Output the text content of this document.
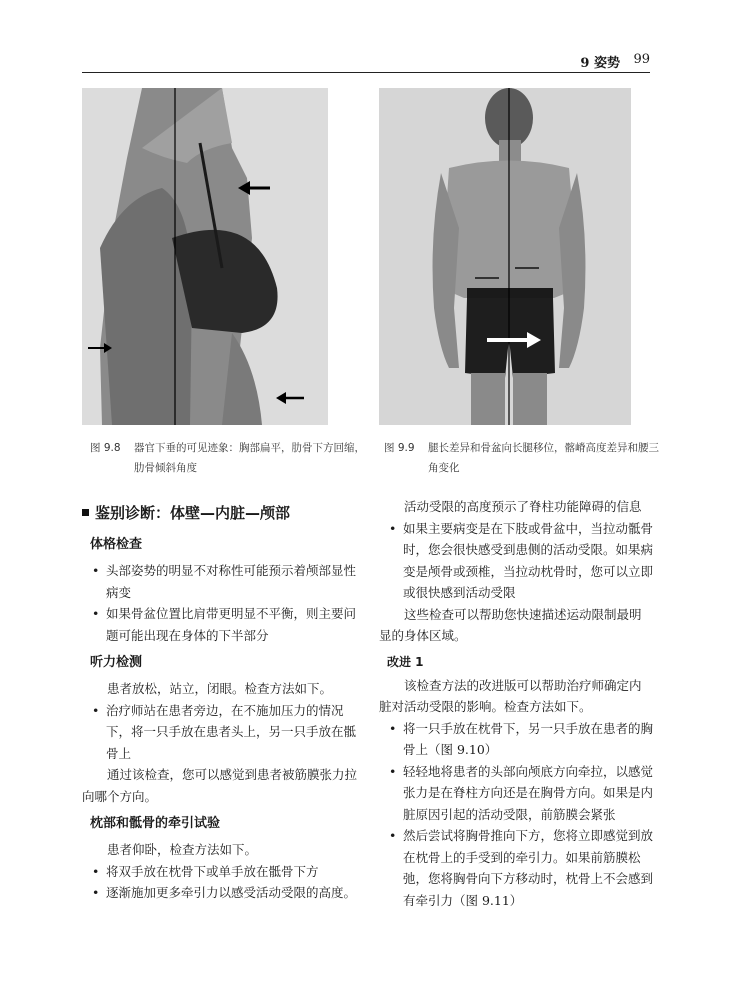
9 姿势 99
图 9.8 器官下垂的可见迹象：胸部扁平，肋骨下方回缩，肋骨倾斜角度
图 9.9 腿长差异和骨盆向长腿移位，髂嵴高度差异和腰三角变化
鉴别诊断：体壁—内脏—颅部
体格检查

• 头部姿势的明显不对称性可能预示着颅部显性病变

• 如果骨盆位置比肩带更明显不平衡，则主要问题可能出现在身体的下半部分

听力检测

患者放松，站立，闭眼。检查方法如下。

• 治疗师站在患者旁边，在不施加压力的情况下，将一只手放在患者头上，另一只手放在骶骨上

通过该检查，您可以感觉到患者被筋膜张力拉向哪个方向。

枕部和骶骨的牵引试验

患者仰卧，检查方法如下。

• 将双手放在枕骨下或单手放在骶骨下方

• 逐渐施加更多牵引力以感受活动受限的高度。

活动受限的高度预示了脊柱功能障碍的信息

• 如果主要病变是在下肢或骨盆中，当拉动骶骨时，您会很快感受到患侧的活动受限。如果病变是颅骨或颈椎，当拉动枕骨时，您可以立即或很快感到活动受限

这些检查可以帮助您快速描述运动限制最明显的身体区域。

改进 1

该检查方法的改进版可以帮助治疗师确定内脏对活动受限的影响。检查方法如下。

• 将一只手放在枕骨下，另一只手放在患者的胸骨上（图 9.10）

• 轻轻地将患者的头部向颅底方向牵拉，以感觉张力是在脊柱方向还是在胸骨方向。如果是内脏原因引起的活动受限，前筋膜会紧张

• 然后尝试将胸骨推向下方，您将立即感觉到放在枕骨上的手受到的牵引力。如果前筋膜松弛，您将胸骨向下方移动时，枕骨上不会感到有牵引力（图 9.11）
